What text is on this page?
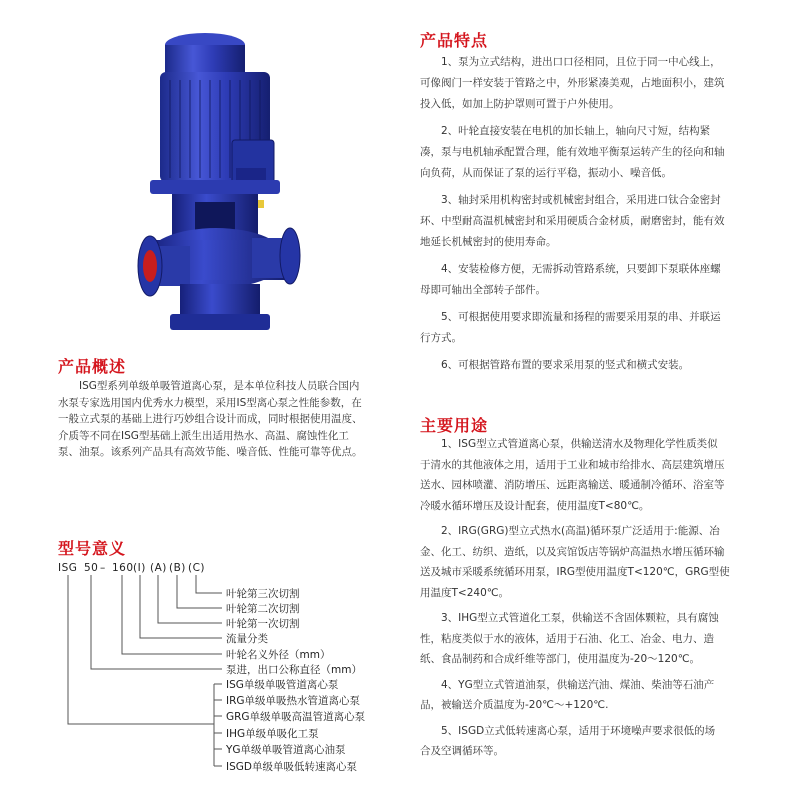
产品概述
ISG型系列单级单吸管道离心泵，是本单位科技人员联合国内
水泵专家选用国内优秀水力模型，采用IS型离心泵之性能参数，在
一般立式泵的基础上进行巧妙组合设计而成，同时根据使用温度、
介质等不同在ISG型基础上派生出适用热水、高温、腐蚀性化工
泵、油泵。该系列产品具有高效节能、噪音低、性能可靠等优点。
型号意义
ISG 50 – 160 (I) (A) (B) (C)
叶轮第三次切割
叶轮第二次切割
叶轮第一次切割
流量分类
叶轮名义外径（mm）
泵进，出口公称直径（mm）
ISG单级单吸管道离心泵
IRG单级单吸热水管道离心泵
GRG单级单吸高温管道离心泵
IHG单级单吸化工泵
YG单级单吸管道离心油泵
ISGD单级单吸低转速离心泵
产品特点

1、泵为立式结构，进出口口径相同，且位于同一中心线上，

可像阀门一样安装于管路之中，外形紧凑美观，占地面积小，建筑
投入低，如加上防护罩则可置于户外使用。

2、叶轮直接安装在电机的加长轴上，轴向尺寸短，结构紧

凑，泵与电机轴承配置合理，能有效地平衡泵运转产生的径向和轴
向负荷，从而保证了泵的运行平稳，振动小、噪音低。

3、轴封采用机构密封或机械密封组合，采用进口钛合金密封

环、中型耐高温机械密封和采用硬质合金材质，耐磨密封，能有效
地延长机械密封的使用寿命。

4、安装检修方便，无需拆动管路系统，只要卸下泵联体座螺

母即可轴出全部转子部件。

5、可根据使用要求即流量和扬程的需要采用泵的串、并联运

行方式。

6、可根据管路布置的要求采用泵的竖式和横式安装。

主要用途

1、ISG型立式管道离心泵，供输送清水及物理化学性质类似

于清水的其他液体之用，适用于工业和城市给排水、高层建筑增压
送水、园林喷灌、消防增压、远距离输送、暖通制冷循环、浴室等
冷暖水循环增压及设计配套，使用温度T<80℃。

2、IRG(GRG)型立式热水(高温)循环泵广泛适用于:能源、冶

金、化工、纺织、造纸，以及宾馆饭店等锅炉高温热水增压循环输
送及城市采暖系统循环用泵，IRG型使用温度T<120℃，GRG型使
用温度T<240℃。

3、IHG型立式管道化工泵，供输送不含固体颗粒，具有腐蚀

性，粘度类似于水的液体，适用于石油、化工、冶金、电力、造
纸、食品制药和合成纤维等部门，使用温度为-20～120℃。

4、YG型立式管道油泵，供输送汽油、煤油、柴油等石油产

品，被输送介质温度为-20℃～+120℃.

5、ISGD立式低转速离心泵，适用于环境噪声要求很低的场

合及空调循环等。
